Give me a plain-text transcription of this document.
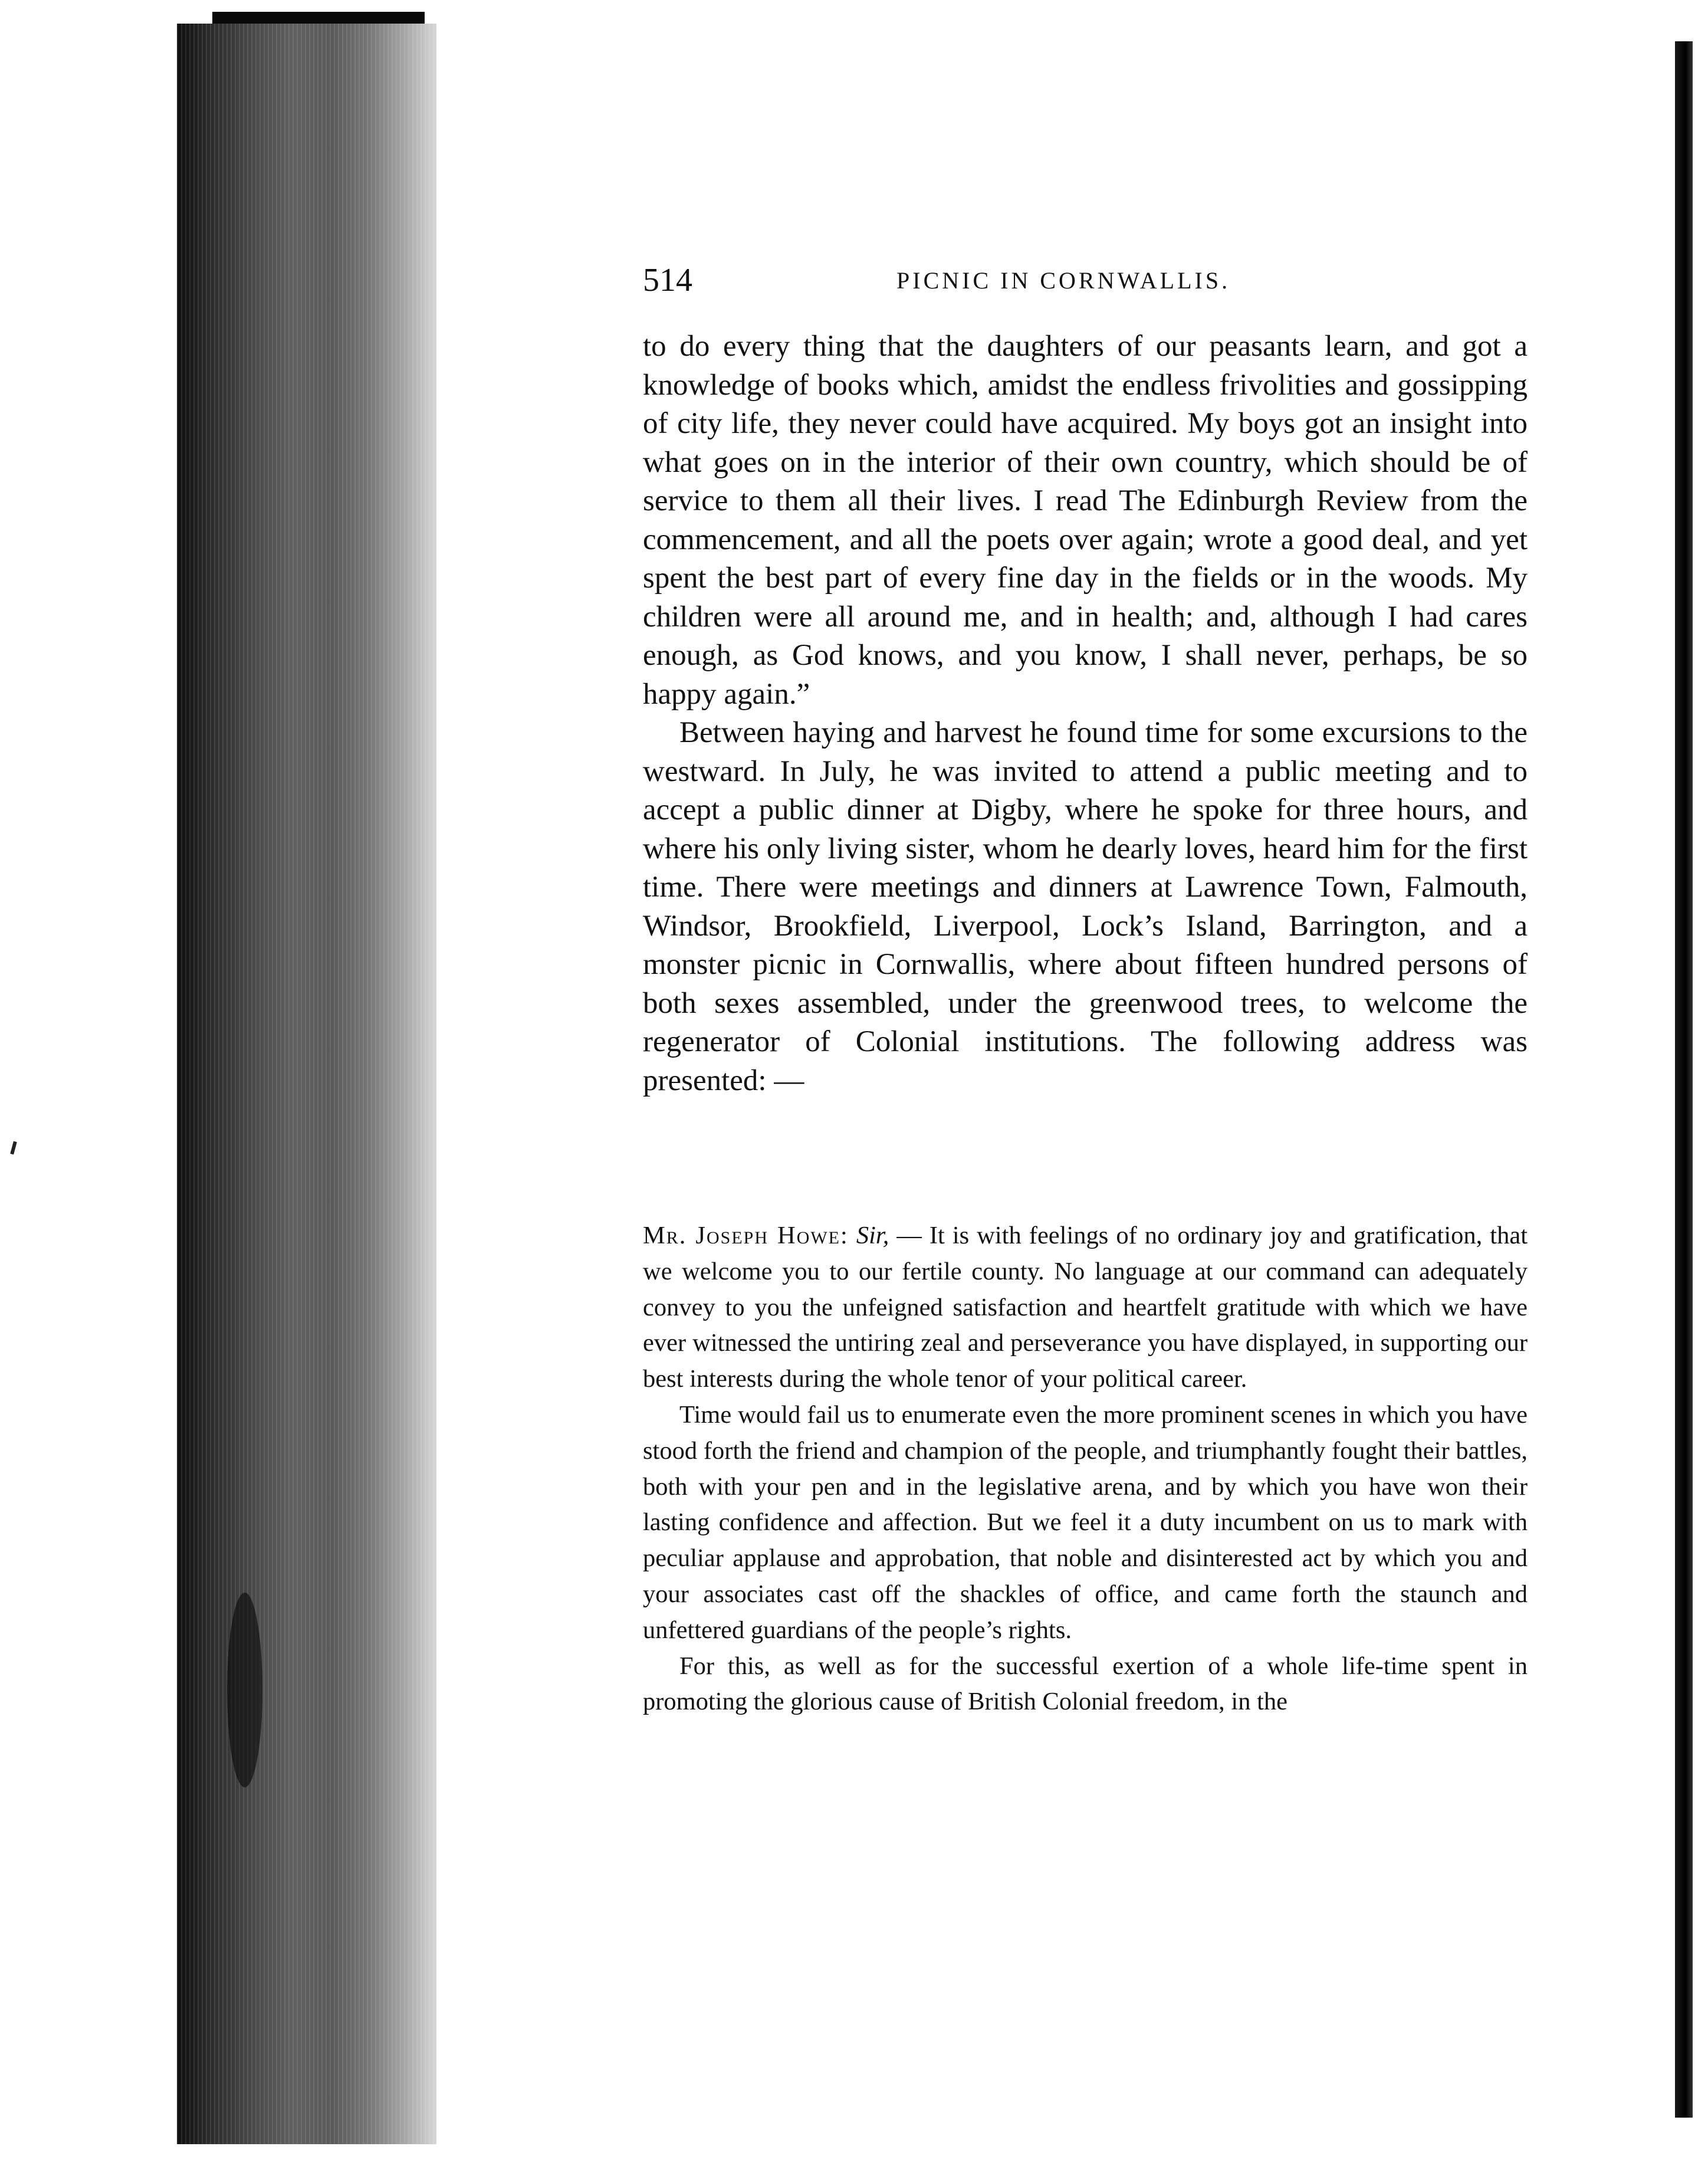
514	PICNIC IN CORNWALLIS.

to do every thing that the daughters of our peasants learn, and got a knowledge of books which, amidst the endless frivolities and gossipping of city life, they never could have acquired. My boys got an insight into what goes on in the interior of their own country, which should be of service to them all their lives. I read The Edinburgh Review from the commencement, and all the poets over again; wrote a good deal, and yet spent the best part of every fine day in the fields or in the woods. My children were all around me, and in health; and, although I had cares enough, as God knows, and you know, I shall never, perhaps, be so happy again.”

Between haying and harvest he found time for some excursions to the westward. In July, he was invited to attend a public meeting and to accept a public dinner at Digby, where he spoke for three hours, and where his only living sister, whom he dearly loves, heard him for the first time. There were meetings and dinners at Lawrence Town, Falmouth, Windsor, Brookfield, Liverpool, Lock’s Island, Barrington, and a monster picnic in Cornwallis, where about fifteen hundred persons of both sexes assembled, under the greenwood trees, to welcome the regenerator of Colonial institutions. The following address was presented: —

Mr. Joseph Howe: Sir, — It is with feelings of no ordinary joy and gratification, that we welcome you to our fertile county. No language at our command can adequately convey to you the unfeigned satisfaction and heartfelt gratitude with which we have ever witnessed the untiring zeal and perseverance you have displayed, in supporting our best interests during the whole tenor of your political career.

Time would fail us to enumerate even the more prominent scenes in which you have stood forth the friend and champion of the people, and triumphantly fought their battles, both with your pen and in the legislative arena, and by which you have won their lasting confidence and affection. But we feel it a duty incumbent on us to mark with peculiar applause and approbation, that noble and disinterested act by which you and your associates cast off the shackles of office, and came forth the staunch and unfettered guardians of the people’s rights.

For this, as well as for the successful exertion of a whole life-time spent in promoting the glorious cause of British Colonial freedom, in the
